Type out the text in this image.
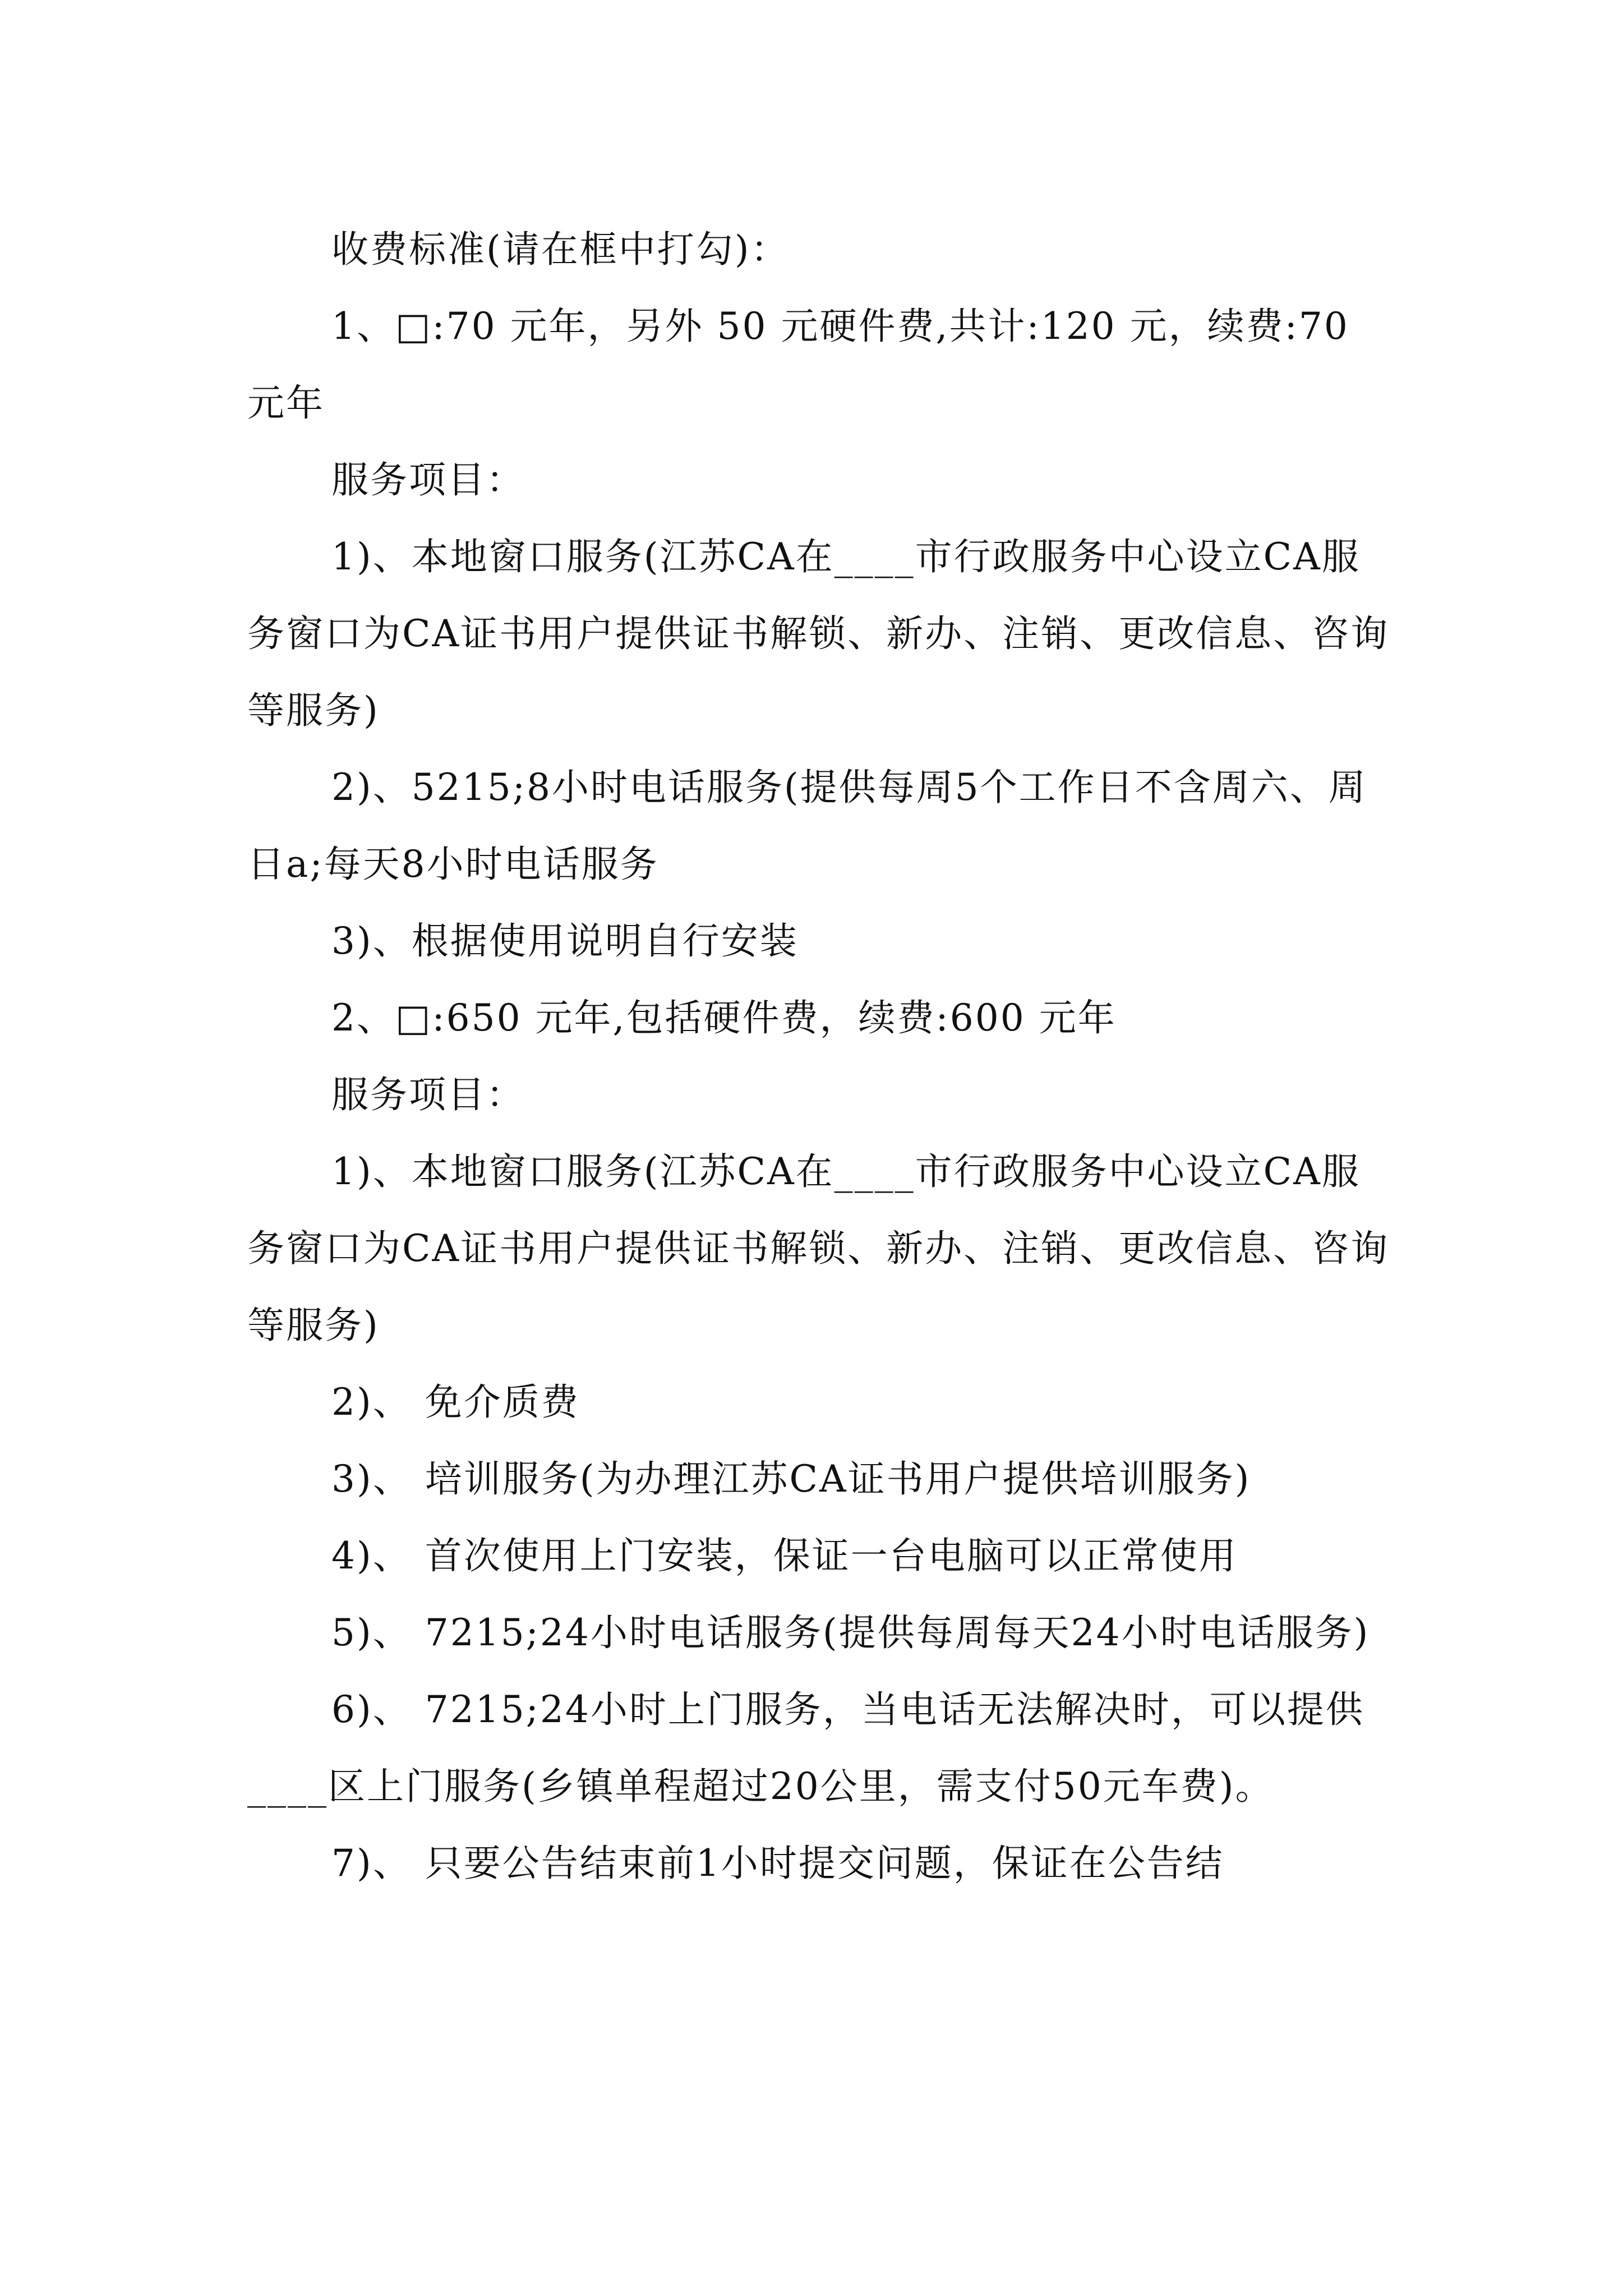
收费标准(请在框中打勾)：

1、□:70 元年，另外 50 元硬件费,共计:120 元，续费:70 元年

服务项目：

1)、本地窗口服务(江苏CA在____市行政服务中心设立CA服务窗口为CA证书用户提供证书解锁、新办、注销、更改信息、咨询等服务)

2)、5215;8小时电话服务(提供每周5个工作日不含周六、周日a;每天8小时电话服务

3)、根据使用说明自行安装

2、□:650 元年,包括硬件费，续费:600 元年

服务项目：

1)、本地窗口服务(江苏CA在____市行政服务中心设立CA服务窗口为CA证书用户提供证书解锁、新办、注销、更改信息、咨询等服务)

2)、 免介质费

3)、 培训服务(为办理江苏CA证书用户提供培训服务)

4)、 首次使用上门安装，保证一台电脑可以正常使用

5)、 7215;24小时电话服务(提供每周每天24小时电话服务)

6)、 7215;24小时上门服务，当电话无法解决时，可以提供____区上门服务(乡镇单程超过20公里，需支付50元车费)。

7)、 只要公告结束前1小时提交问题，保证在公告结
